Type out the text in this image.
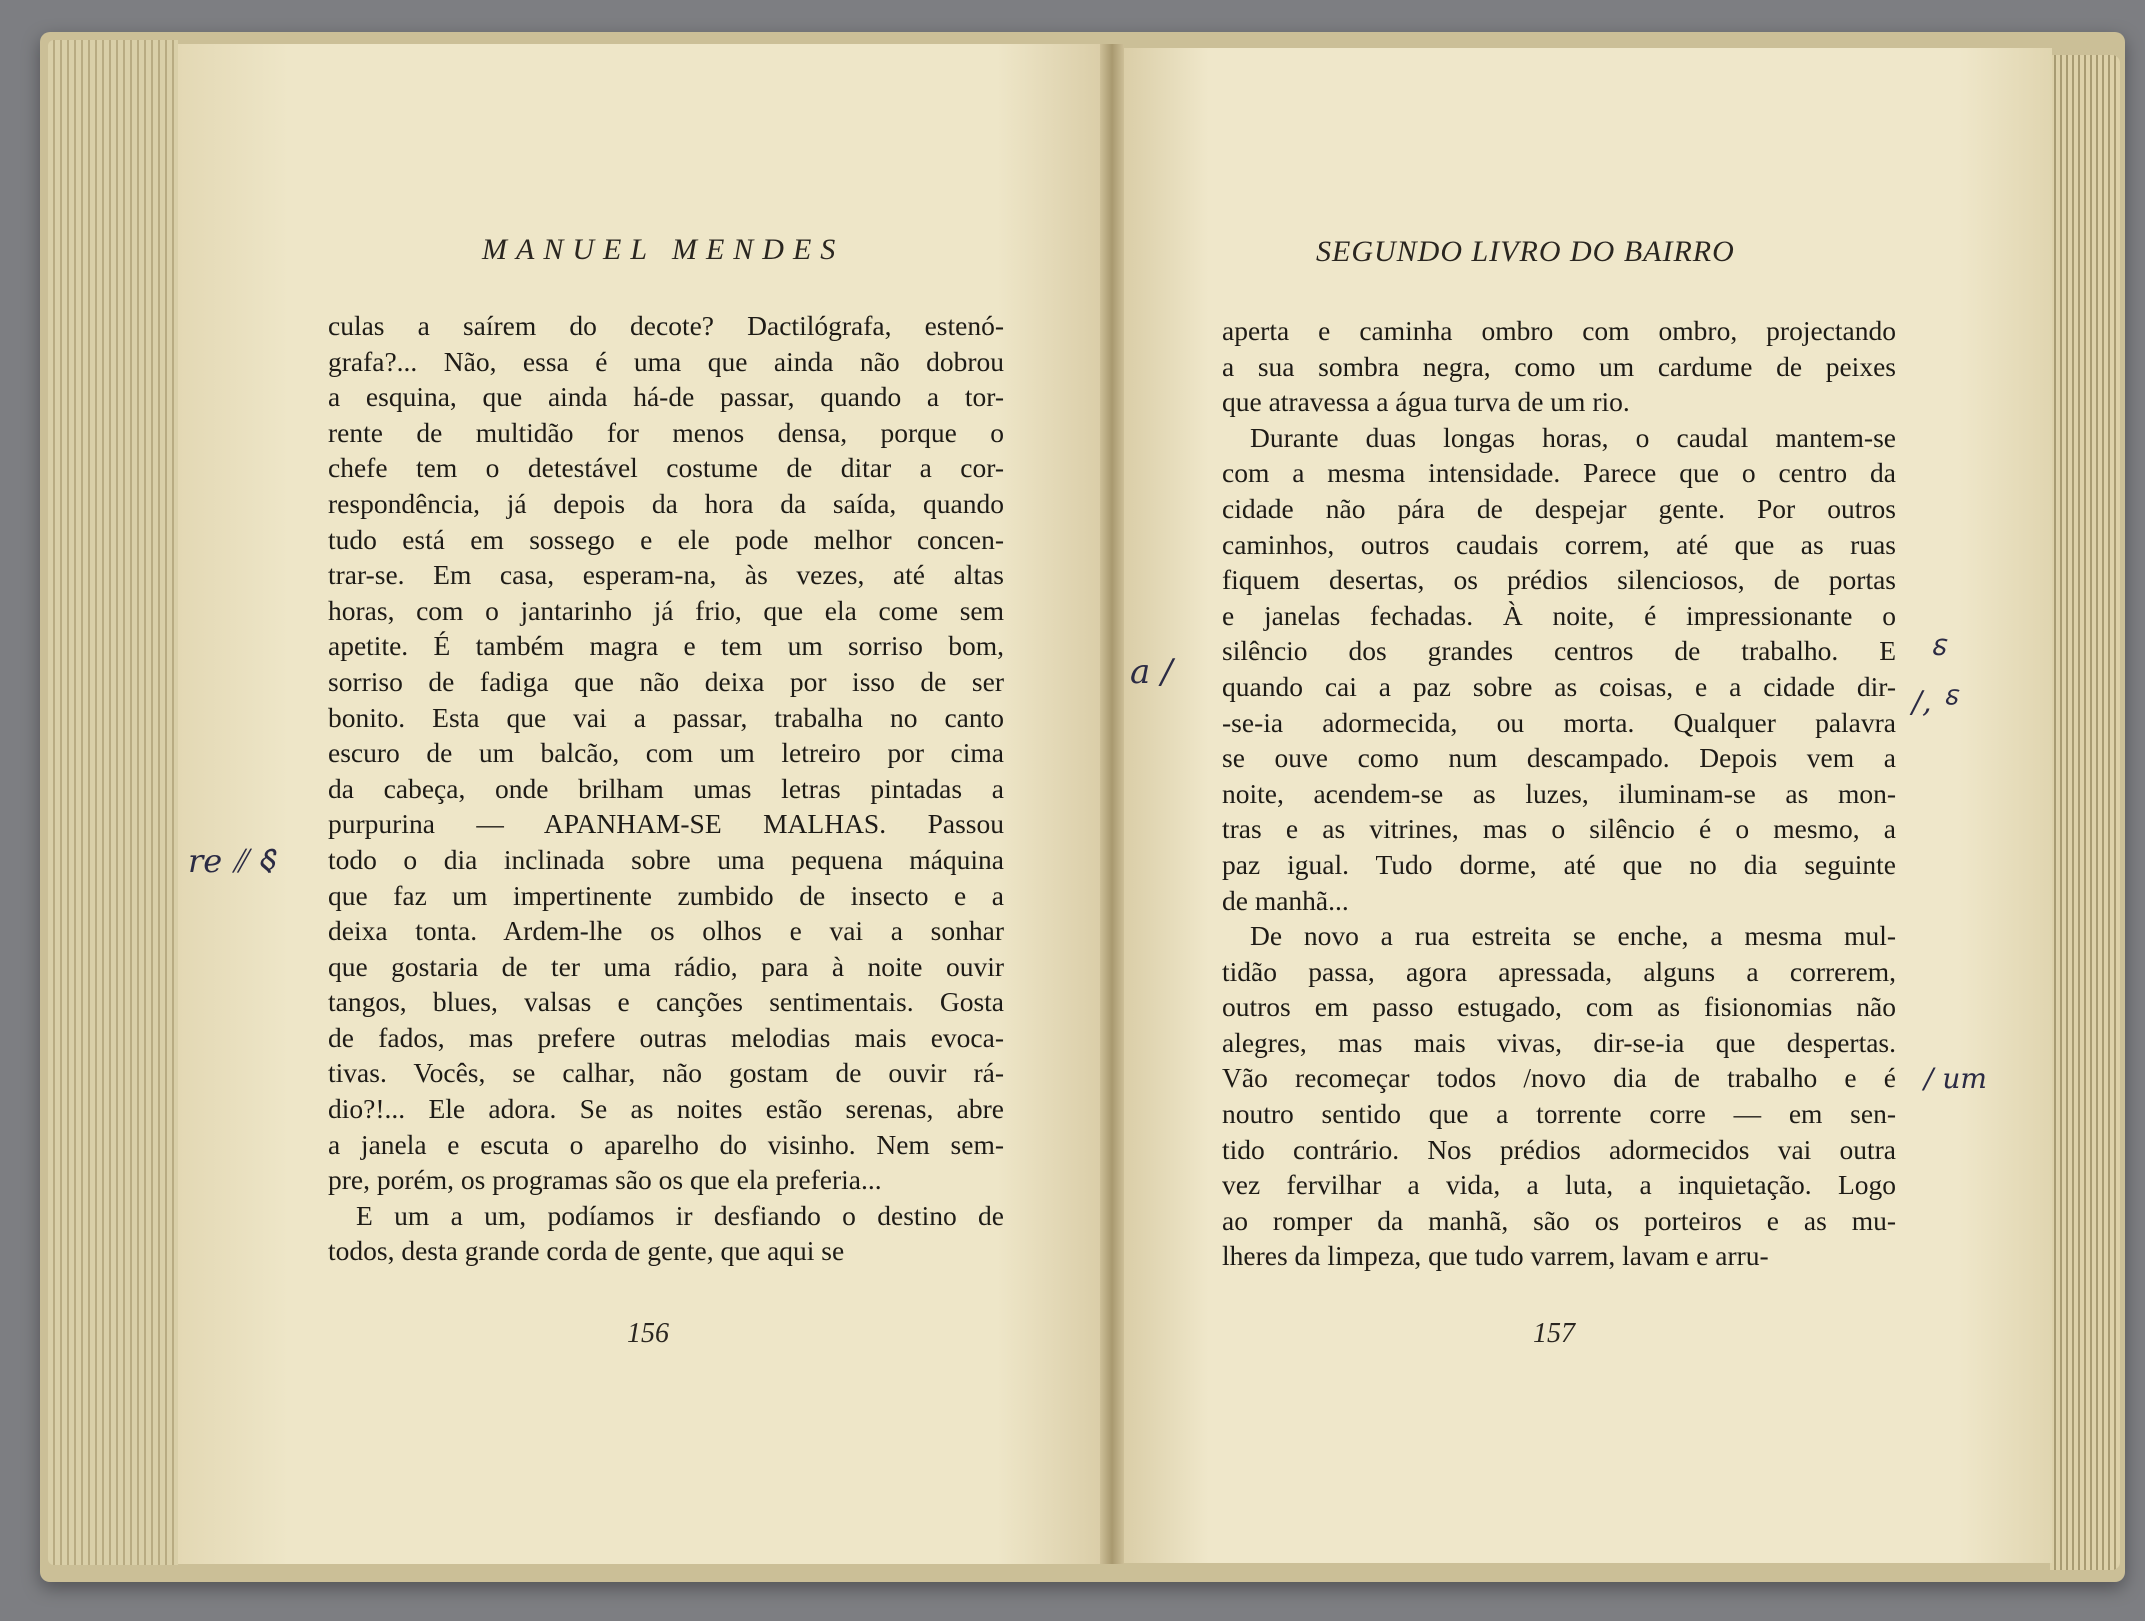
MANUEL MENDES
culas a saírem do decote? Dactilógrafa, estenó-
grafa?... Não, essa é uma que ainda não dobrou
a esquina, que ainda há-de passar, quando a tor-
rente de multidão for menos densa, porque o
chefe tem o detestável costume de ditar a cor-
respondência, já depois da hora da saída, quando
tudo está em sossego e ele pode melhor concen-
trar-se. Em casa, esperam-na, às vezes, até altas
horas, com o jantarinho já frio, que ela come sem
apetite. É também magra e tem um sorriso bom,
sorriso de fadiga que não deixa por isso de ser
bonito. Esta que vai a passar, trabalha no canto
escuro de um balcão, com um letreiro por cima
da cabeça, onde brilham umas letras pintadas a
purpurina — APANHAM-SE MALHAS. Passou
todo o dia inclinada sobre uma pequena máquina
que faz um impertinente zumbido de insecto e a
deixa tonta. Ardem-lhe os olhos e vai a sonhar
que gostaria de ter uma rádio, para à noite ouvir
tangos, blues, valsas e canções sentimentais. Gosta
de fados, mas prefere outras melodias mais evoca-
tivas. Vocês, se calhar, não gostam de ouvir rá-
dio?!... Ele adora. Se as noites estão serenas, abre
a janela e escuta o aparelho do visinho. Nem sem-
pre, porém, os programas são os que ela preferia...
E um a um, podíamos ir desfiando o destino de
todos, desta grande corda de gente, que aqui se
156
re ⫽ ⸹
SEGUNDO LIVRO DO BAIRRO
aperta e caminha ombro com ombro, projectando
a sua sombra negra, como um cardume de peixes
que atravessa a água turva de um rio.
Durante duas longas horas, o caudal mantem-se
com a mesma intensidade. Parece que o centro da
cidade não pára de despejar gente. Por outros
caminhos, outros caudais correm, até que as ruas
fiquem desertas, os prédios silenciosos, de portas
e janelas fechadas. À noite, é impressionante o
silêncio dos grandes centros de trabalho. E
quando cai a paz sobre as coisas, e a cidade dir-
-se-ia adormecida, ou morta. Qualquer palavra
se ouve como num descampado. Depois vem a
noite, acendem-se as luzes, iluminam-se as mon-
tras e as vitrines, mas o silêncio é o mesmo, a
paz igual. Tudo dorme, até que no dia seguinte
de manhã...
De novo a rua estreita se enche, a mesma mul-
tidão passa, agora apressada, alguns a correrem,
outros em passo estugado, com as fisionomias não
alegres, mas mais vivas, dir-se-ia que despertas.
Vão recomeçar todos /novo dia de trabalho e é
noutro sentido que a torrente corre — em sen-
tido contrário. Nos prédios adormecidos vai outra
vez fervilhar a vida, a luta, a inquietação. Logo
ao romper da manhã, são os porteiros e as mu-
lheres da limpeza, que tudo varrem, lavam e arru-
157
a /	⸹
/, ⸹
/ um
